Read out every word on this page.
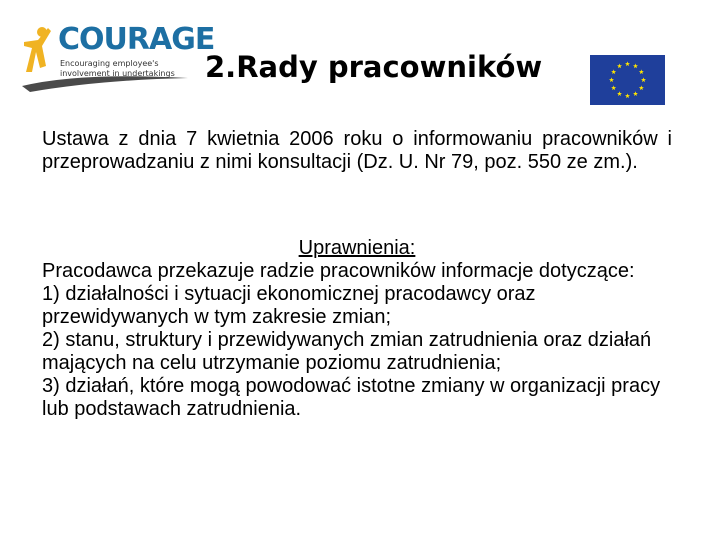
COURAGE
Encouraging employee's
involvement in undertakings 2.Rady pracowników

Ustawa z dnia 7 kwietnia 2006 roku o informowaniu pracowników i przeprowadzaniu z nimi konsultacji (Dz. U. Nr 79, poz. 550 ze zm.).

Uprawnienia:
Pracodawca przekazuje radzie pracowników informacje dotyczące:
1) działalności i sytuacji ekonomicznej pracodawcy oraz przewidywanych w tym zakresie zmian;
2) stanu, struktury i przewidywanych zmian zatrudnienia oraz działań mających na celu utrzymanie poziomu zatrudnienia;
3) działań, które mogą powodować istotne zmiany w organizacji pracy lub podstawach zatrudnienia.
